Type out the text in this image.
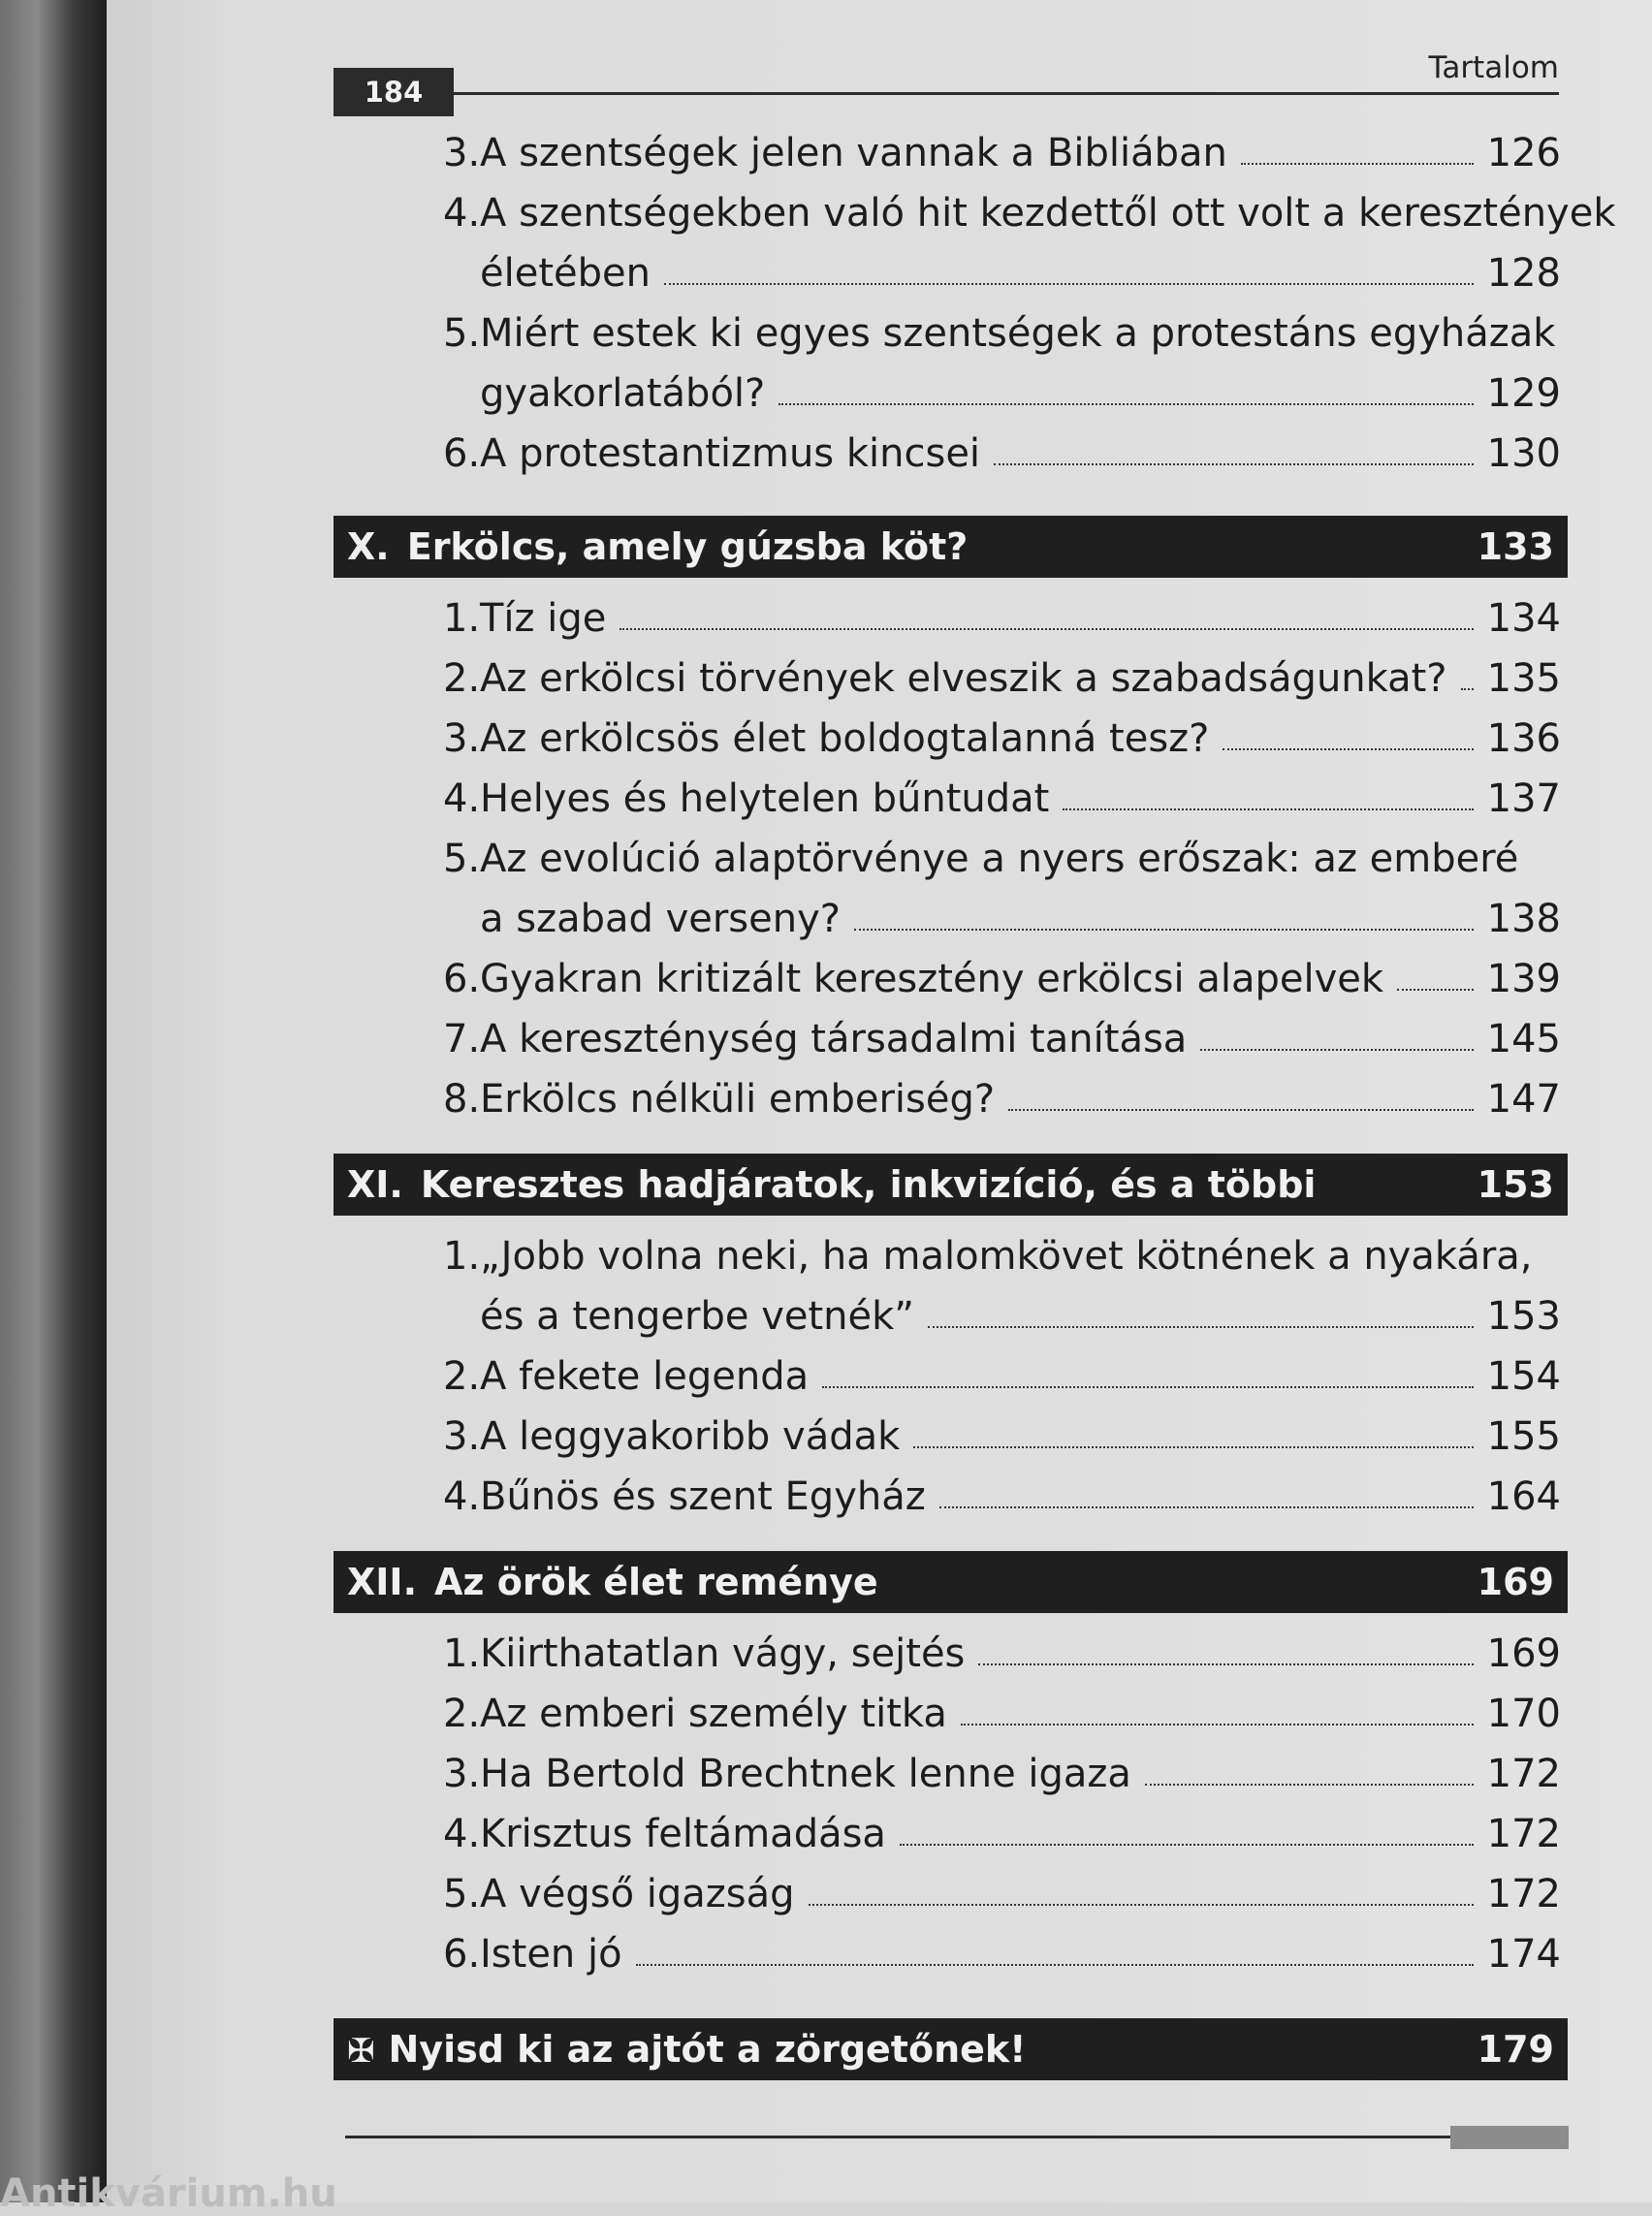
184
Tartalom
3. A szentségek jelen vannak a Bibliában	126
4.A szentségekben való hit kezdettől ott volt a keresztények
életében	128
5.Miért estek ki egyes szentségek a protestáns egyházak
gyakorlatából?	129
6. A protestantizmus kincsei	130
X. Erkölcs, amely gúzsba köt?	133
1. Tíz ige	134
2. Az erkölcsi törvények elveszik a szabadságunkat? 135
3. Az erkölcsös élet boldogtalanná tesz?	136
4. Helyes és helytelen bűntudat	137
5.Az evolúció alaptörvénye a nyers erőszak: az emberé
a szabad verseny?	138
6. Gyakran kritizált keresztény erkölcsi alapelvek	139
7. A kereszténység társadalmi tanítása	145
8. Erkölcs nélküli emberiség?	147
XI. Keresztes hadjáratok, inkvizíció, és a többi	153
1.„Jobb volna neki, ha malomkövet kötnének a nyakára,
és a tengerbe vetnék”	153
2. A fekete legenda	154
3. A leggyakoribb vádak	155
4. Bűnös és szent Egyház	164
XII. Az örök élet reménye	169
1. Kiirthatatlan vágy, sejtés	169
2. Az emberi személy titka	170
3. Ha Bertold Brechtnek lenne igaza	172
4. Krisztus feltámadása	172
5. A végső igazság	172
6. Isten jó	174
✠ Nyisd ki az ajtót a zörgetőnek!	179
Antikvárium.hu
